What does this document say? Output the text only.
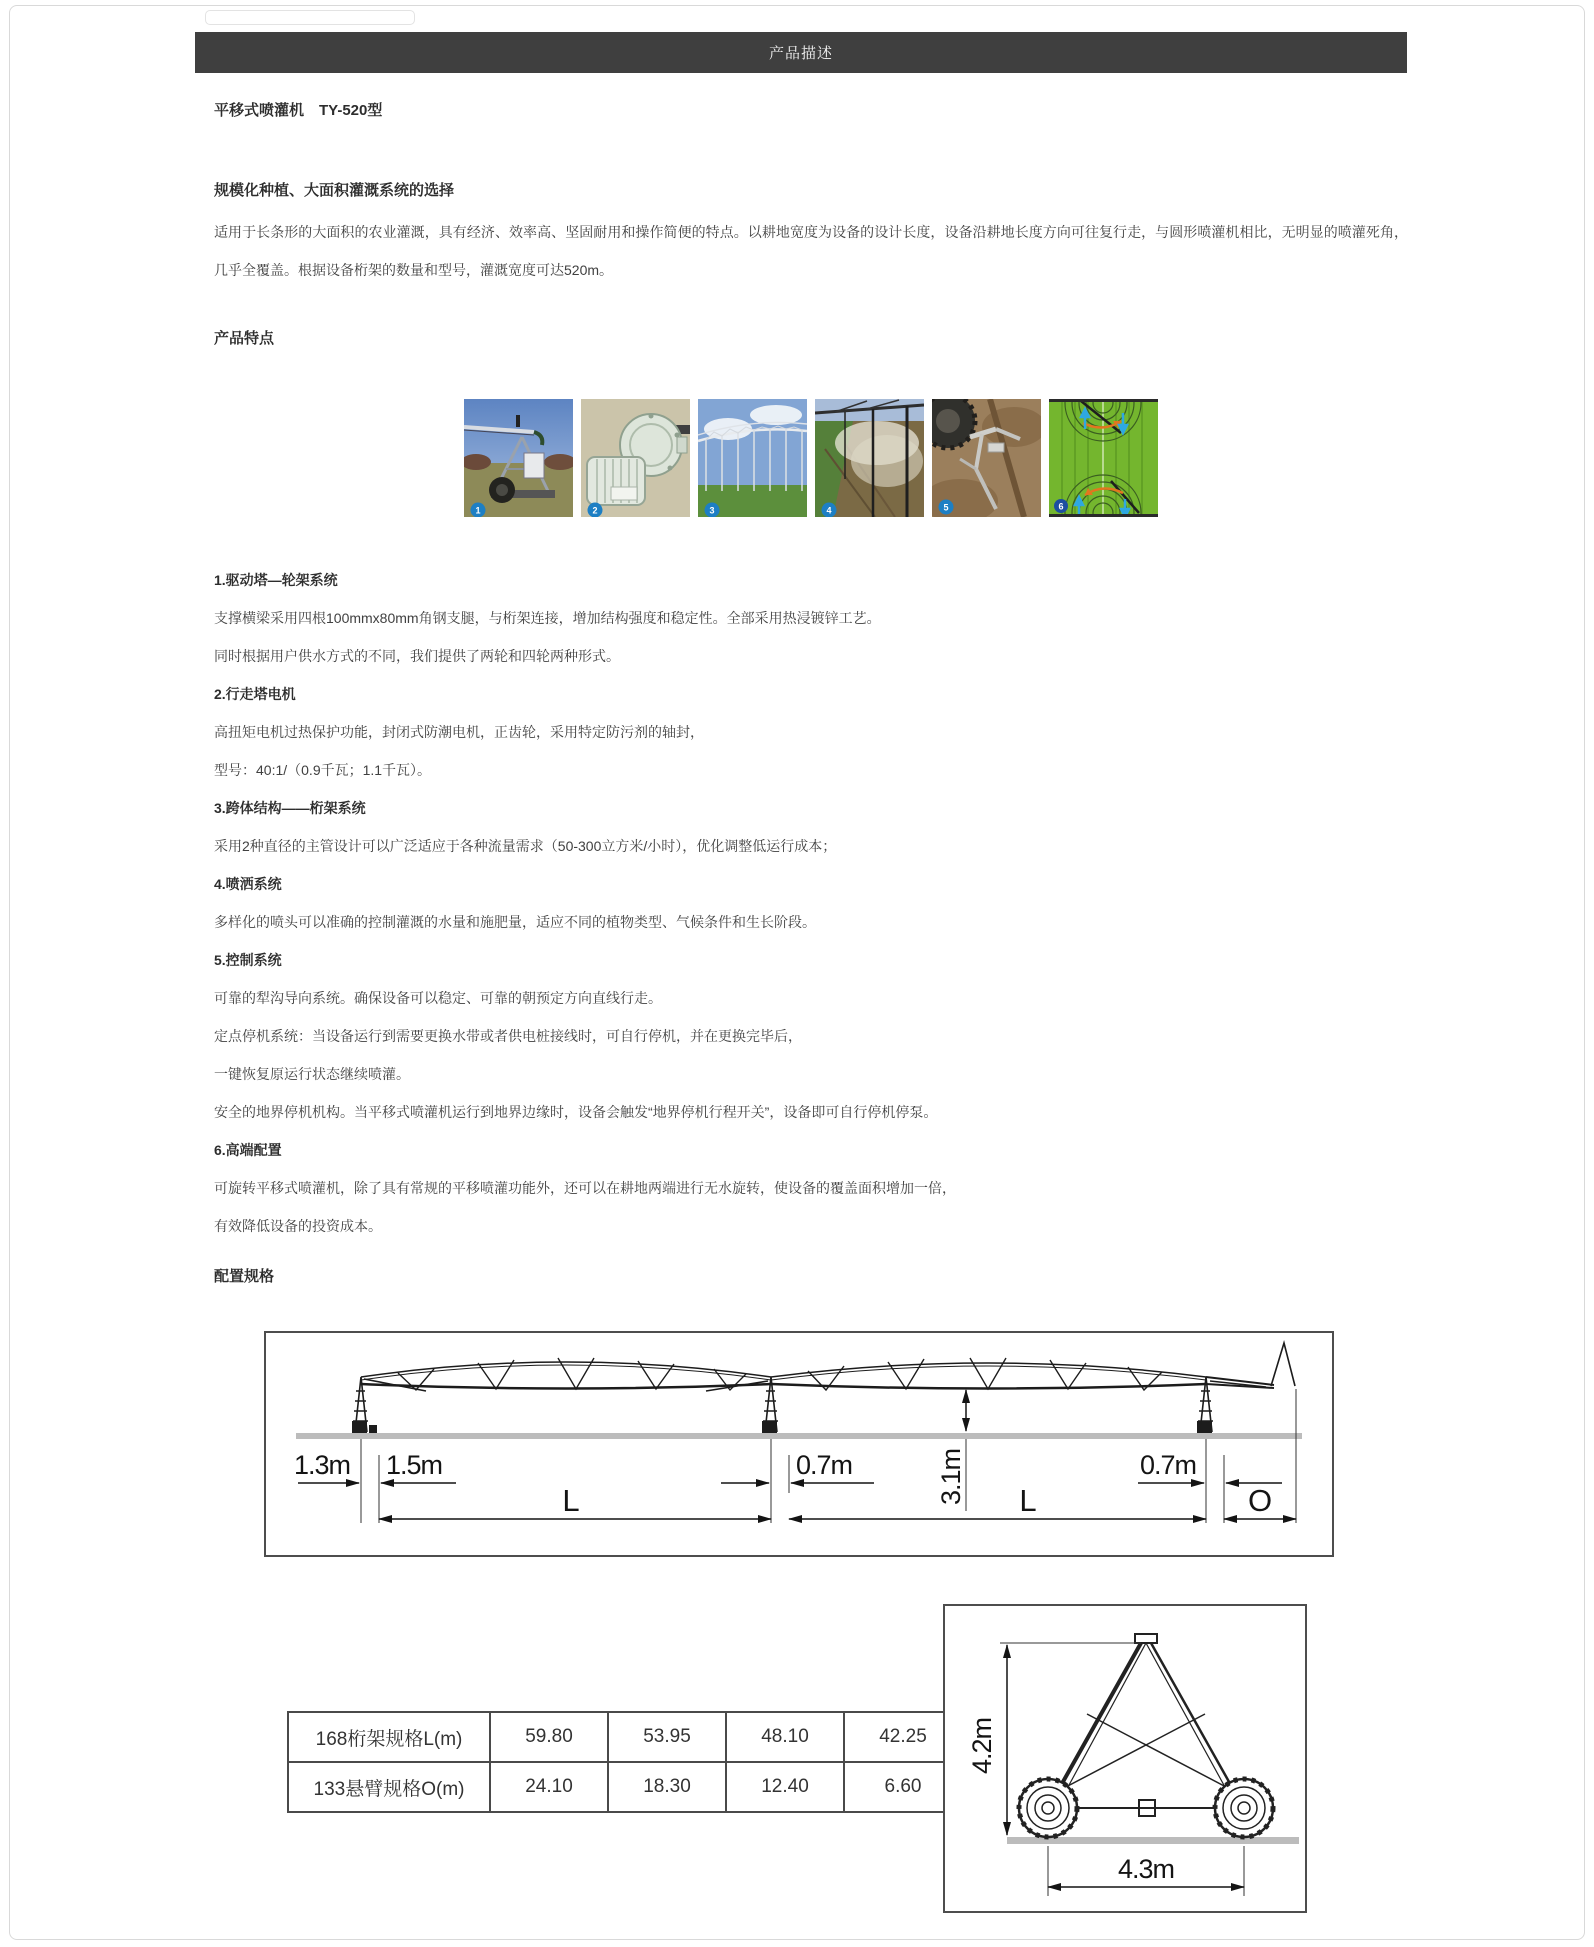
产品描述
平移式喷灌机　TY-520型
规模化种植、大面积灌溉系统的选择
适用于长条形的大面积的农业灌溉，具有经济、效率高、坚固耐用和操作简便的特点。以耕地宽度为设备的设计长度，设备沿耕地长度方向可往复行走，与圆形喷灌机相比，无明显的喷灌死角，几乎全覆盖。根据设备桁架的数量和型号，灌溉宽度可达520m。
产品特点
1	2	3	4	5	6
1.驱动塔—轮架系统
支撑横梁采用四根100mmx80mm角钢支腿，与桁架连接，增加结构强度和稳定性。全部采用热浸镀锌工艺。
同时根据用户供水方式的不同，我们提供了两轮和四轮两种形式。
2.行走塔电机
高扭矩电机过热保护功能，封闭式防潮电机，正齿轮，采用特定防污剂的轴封，
型号：40:1/（0.9千瓦；1.1千瓦）。
3.跨体结构——桁架系统
采用2种直径的主管设计可以广泛适应于各种流量需求（50-300立方米/小时），优化调整低运行成本；
4.喷洒系统
多样化的喷头可以准确的控制灌溉的水量和施肥量，适应不同的植物类型、气候条件和生长阶段。
5.控制系统
可靠的犁沟导向系统。确保设备可以稳定、可靠的朝预定方向直线行走。
定点停机系统：当设备运行到需要更换水带或者供电桩接线时，可自行停机，并在更换完毕后，
一键恢复原运行状态继续喷灌。
安全的地界停机机构。当平移式喷灌机运行到地界边缘时，设备会触发“地界停机行程开关”，设备即可自行停机停泵。
6.高端配置
可旋转平移式喷灌机，除了具有常规的平移喷灌功能外，还可以在耕地两端进行无水旋转，使设备的覆盖面积增加一倍，
有效降低设备的投资成本。
配置规格
3.1m
1.3m 1.5m	0.7m	0.7m
L	L	O
168桁架规格L(m)	59.80	53.95	48.10	42.25
133悬臂规格O(m)	24.10	18.30	12.40	6.60
4.2m
4.3m
